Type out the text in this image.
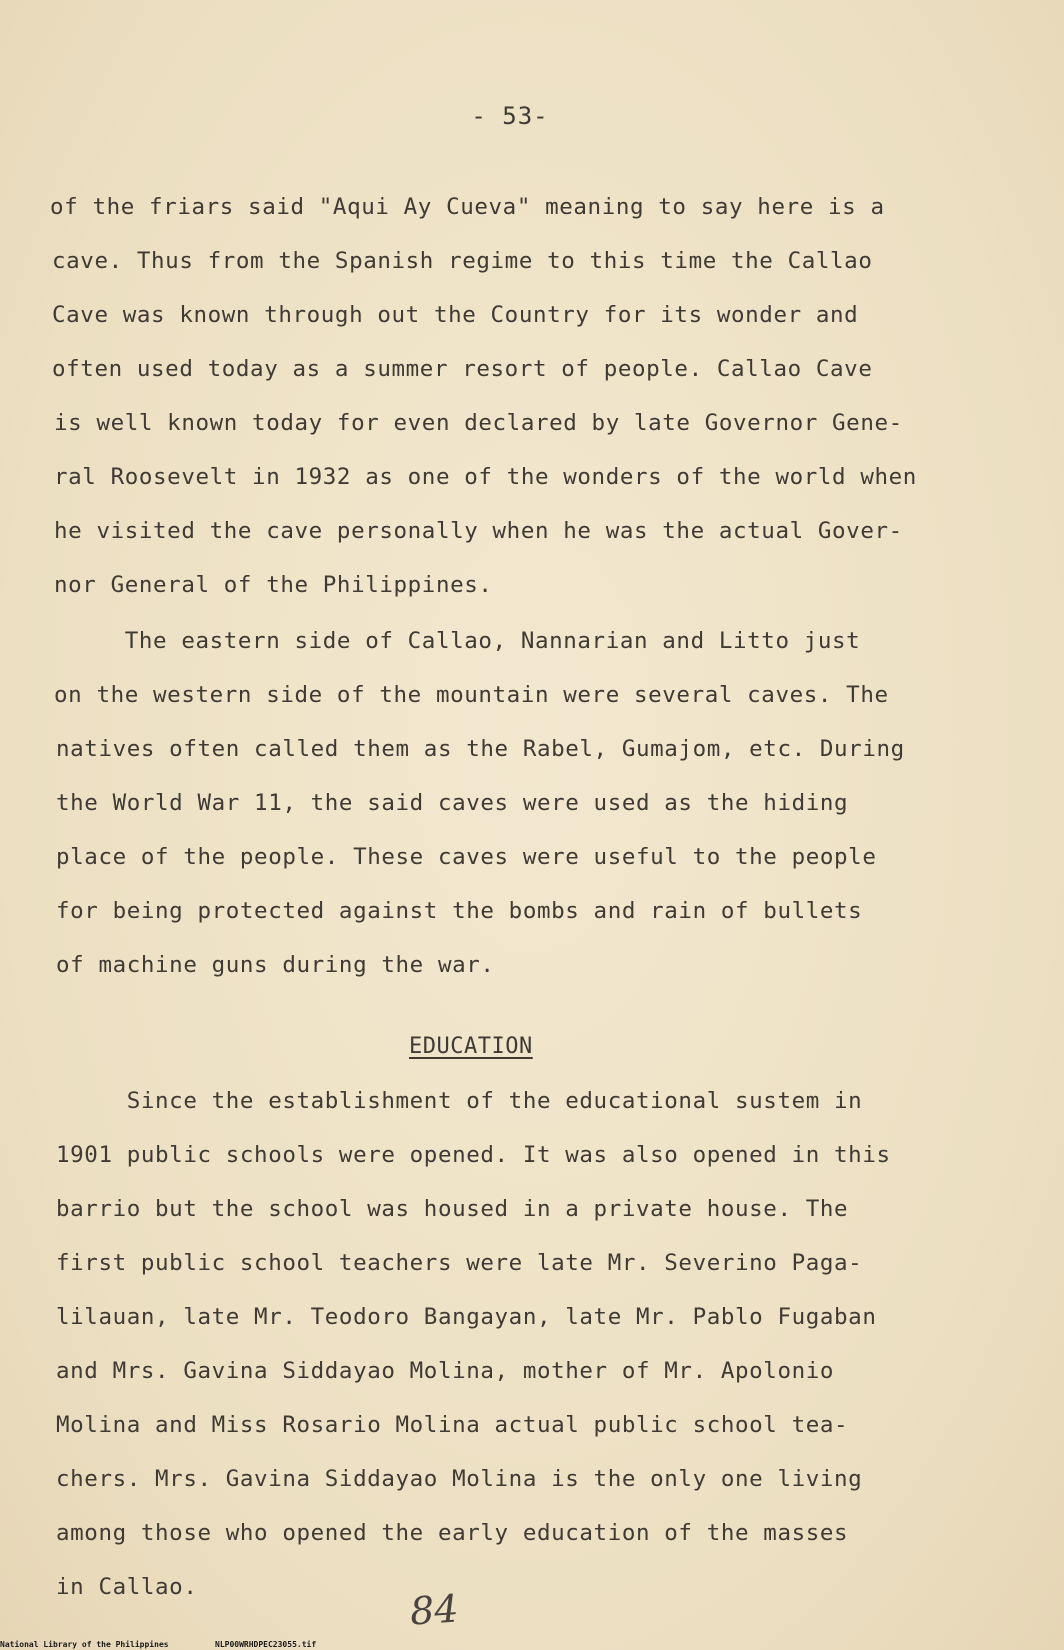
- 53-
of the friars said "Aqui Ay Cueva" meaning to say here is a
cave. Thus from the Spanish regime to this time the Callao
Cave was known through out the Country for its wonder and
often used today as a summer resort of people. Callao Cave
is well known today for even declared by late Governor Gene-
ral Roosevelt in 1932 as one of the wonders of the world when
he visited the cave personally when he was the actual Gover-
nor General of the Philippines.
The eastern side of Callao, Nannarian and Litto just
on the western side of the mountain were several caves. The
natives often called them as the Rabel, Gumajom, etc. During
the World War 11, the said caves were used as the hiding
place of the people. These caves were useful to the people
for being protected against the bombs and rain of bullets
of machine guns during the war.
EDUCATION
Since the establishment of the educational sustem in
1901 public schools were opened. It was also opened in this
barrio but the school was housed in a private house. The
first public school teachers were late Mr. Severino Paga-
lilauan, late Mr. Teodoro Bangayan, late Mr. Pablo Fugaban
and Mrs. Gavina Siddayao Molina, mother of Mr. Apolonio
Molina and Miss Rosario Molina actual public school tea-
chers. Mrs. Gavina Siddayao Molina is the only one living
among those who opened the early education of the masses
in Callao.	84

National Library of the Philippines

	NLP00WRHDPEC23055.tif
